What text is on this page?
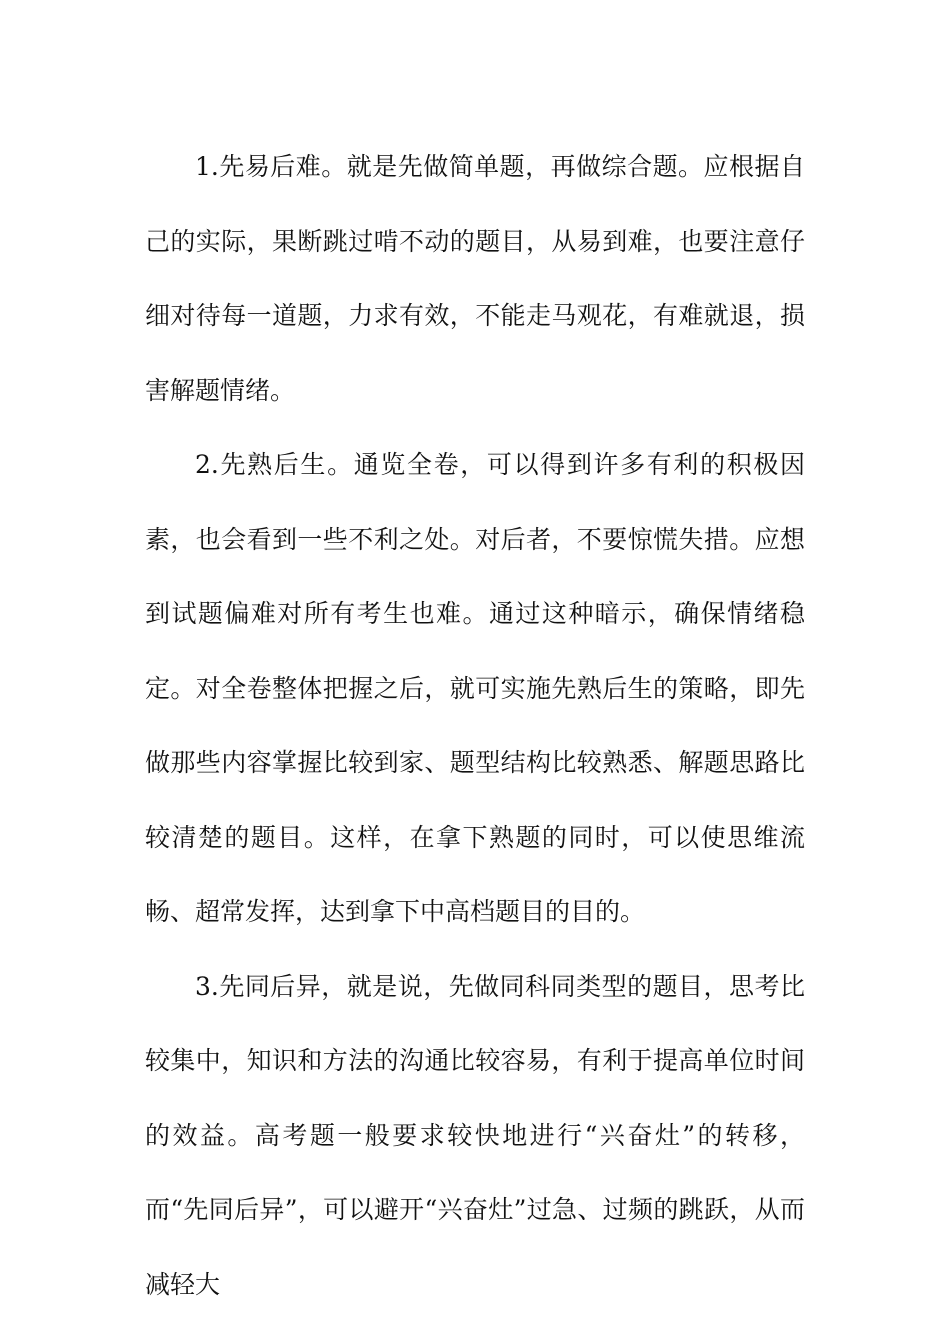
1.先易后难。就是先做简单题，再做综合题。应根据自己的实际，果断跳过啃不动的题目，从易到难，也要注意仔细对待每一道题，力求有效，不能走马观花，有难就退，损害解题情绪。

2.先熟后生。通览全卷，可以得到许多有利的积极因素，也会看到一些不利之处。对后者，不要惊慌失措。应想到试题偏难对所有考生也难。通过这种暗示，确保情绪稳定。对全卷整体把握之后，就可实施先熟后生的策略，即先做那些内容掌握比较到家、题型结构比较熟悉、解题思路比较清楚的题目。这样，在拿下熟题的同时，可以使思维流畅、超常发挥，达到拿下中高档题目的目的。

3.先同后异，就是说，先做同科同类型的题目，思考比较集中，知识和方法的沟通比较容易，有利于提高单位时间的效益。高考题一般要求较快地进行“兴奋灶”的转移，而“先同后异”，可以避开“兴奋灶”过急、过频的跳跃，从而减轻大
